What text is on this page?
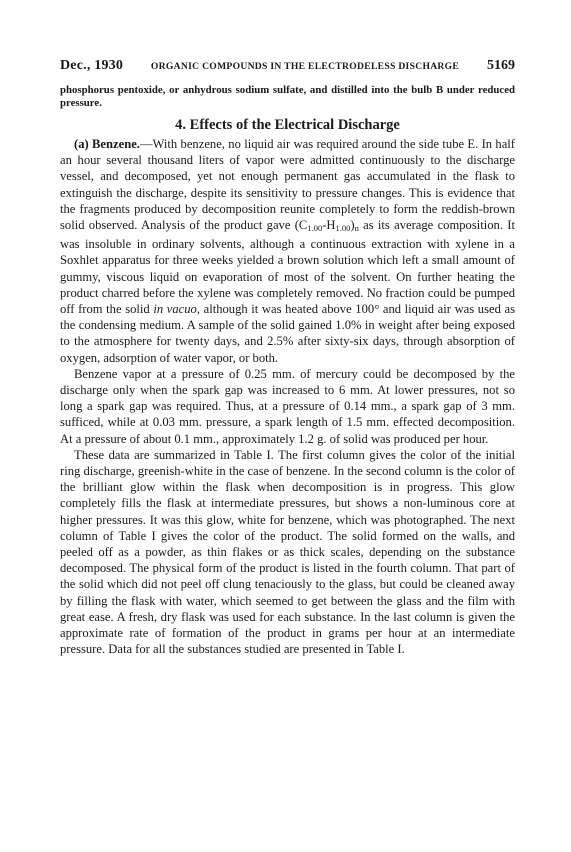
Dec., 1930	ORGANIC COMPOUNDS IN THE ELECTRODELESS DISCHARGE	5169
phosphorus pentoxide, or anhydrous sodium sulfate, and distilled into the bulb B under reduced pressure.
4. Effects of the Electrical Discharge

(a) Benzene.—With benzene, no liquid air was required around the side tube E. In half an hour several thousand liters of vapor were admitted continuously to the discharge vessel, and decomposed, yet not enough permanent gas accumulated in the flask to extinguish the discharge, despite its sensitivity to pressure changes. This is evidence that the fragments produced by decomposition reunite completely to form the reddish-brown solid observed. Analysis of the product gave $(C_{1.00}-H_{1.00})_n$ as its average composition. It was insoluble in ordinary solvents, although a continuous extraction with xylene in a Soxhlet apparatus for three weeks yielded a brown solution which left a small amount of gummy, viscous liquid on evaporation of most of the solvent. On further heating the product charred before the xylene was completely removed. No fraction could be pumped off from the solid in vacuo, although it was heated above 100° and liquid air was used as the condensing medium. A sample of the solid gained 1.0% in weight after being exposed to the atmosphere for twenty days, and 2.5% after sixty-six days, through absorption of oxygen, adsorption of water vapor, or both.

Benzene vapor at a pressure of 0.25 mm. of mercury could be decomposed by the discharge only when the spark gap was increased to 6 mm. At lower pressures, not so long a spark gap was required. Thus, at a pressure of 0.14 mm., a spark gap of 3 mm. sufficed, while at 0.03 mm. pressure, a spark length of 1.5 mm. effected decomposition. At a pressure of about 0.1 mm., approximately 1.2 g. of solid was produced per hour.

These data are summarized in Table I. The first column gives the color of the initial ring discharge, greenish-white in the case of benzene. In the second column is the color of the brilliant glow within the flask when decomposition is in progress. This glow completely fills the flask at intermediate pressures, but shows a non-luminous core at higher pressures. It was this glow, white for benzene, which was photographed. The next column of Table I gives the color of the product. The solid formed on the walls, and peeled off as a powder, as thin flakes or as thick scales, depending on the substance decomposed. The physical form of the product is listed in the fourth column. That part of the solid which did not peel off clung tenaciously to the glass, but could be cleaned away by filling the flask with water, which seemed to get between the glass and the film with great ease. A fresh, dry flask was used for each substance. In the last column is given the approximate rate of formation of the product in grams per hour at an intermediate pressure. Data for all the substances studied are presented in Table I.
